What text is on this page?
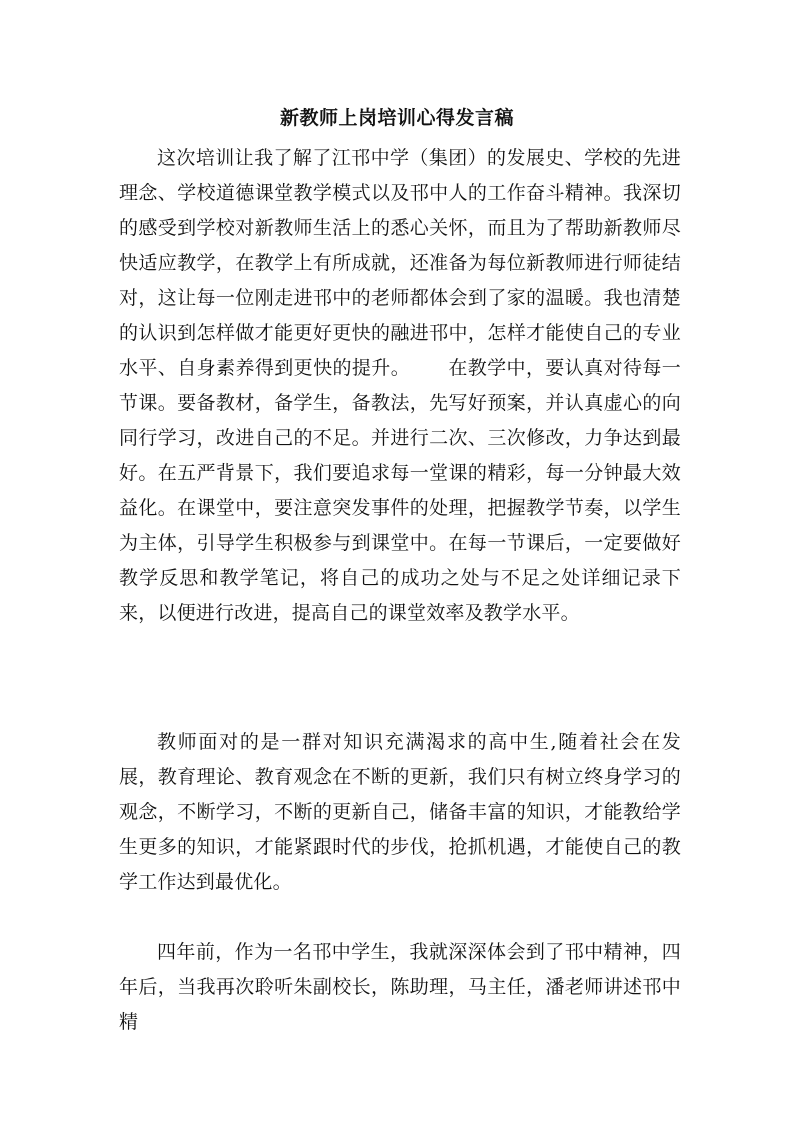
新教师上岗培训心得发言稿

这次培训让我了解了江邗中学（集团）的发展史、学校的先进理念、学校道德课堂教学模式以及邗中人的工作奋斗精神。我深切的感受到学校对新教师生活上的悉心关怀，而且为了帮助新教师尽快适应教学，在教学上有所成就，还准备为每位新教师进行师徒结对，这让每一位刚走进邗中的老师都体会到了家的温暖。我也清楚的认识到怎样做才能更好更快的融进邗中，怎样才能使自己的专业水平、自身素养得到更快的提升。 在教学中，要认真对待每一节课。要备教材，备学生，备教法，先写好预案，并认真虚心的向同行学习，改进自己的不足。并进行二次、三次修改，力争达到最好。在五严背景下，我们要追求每一堂课的精彩，每一分钟最大效益化。在课堂中，要注意突发事件的处理，把握教学节奏，以学生为主体，引导学生积极参与到课堂中。在每一节课后，一定要做好教学反思和教学笔记，将自己的成功之处与不足之处详细记录下来，以便进行改进，提高自己的课堂效率及教学水平。

教师面对的是一群对知识充满渴求的高中生,随着社会在发展，教育理论、教育观念在不断的更新，我们只有树立终身学习的观念，不断学习，不断的更新自己，储备丰富的知识，才能教给学生更多的知识，才能紧跟时代的步伐，抢抓机遇，才能使自己的教学工作达到最优化。

四年前，作为一名邗中学生，我就深深体会到了邗中精神，四年后，当我再次聆听朱副校长，陈助理，马主任，潘老师讲述邗中精
